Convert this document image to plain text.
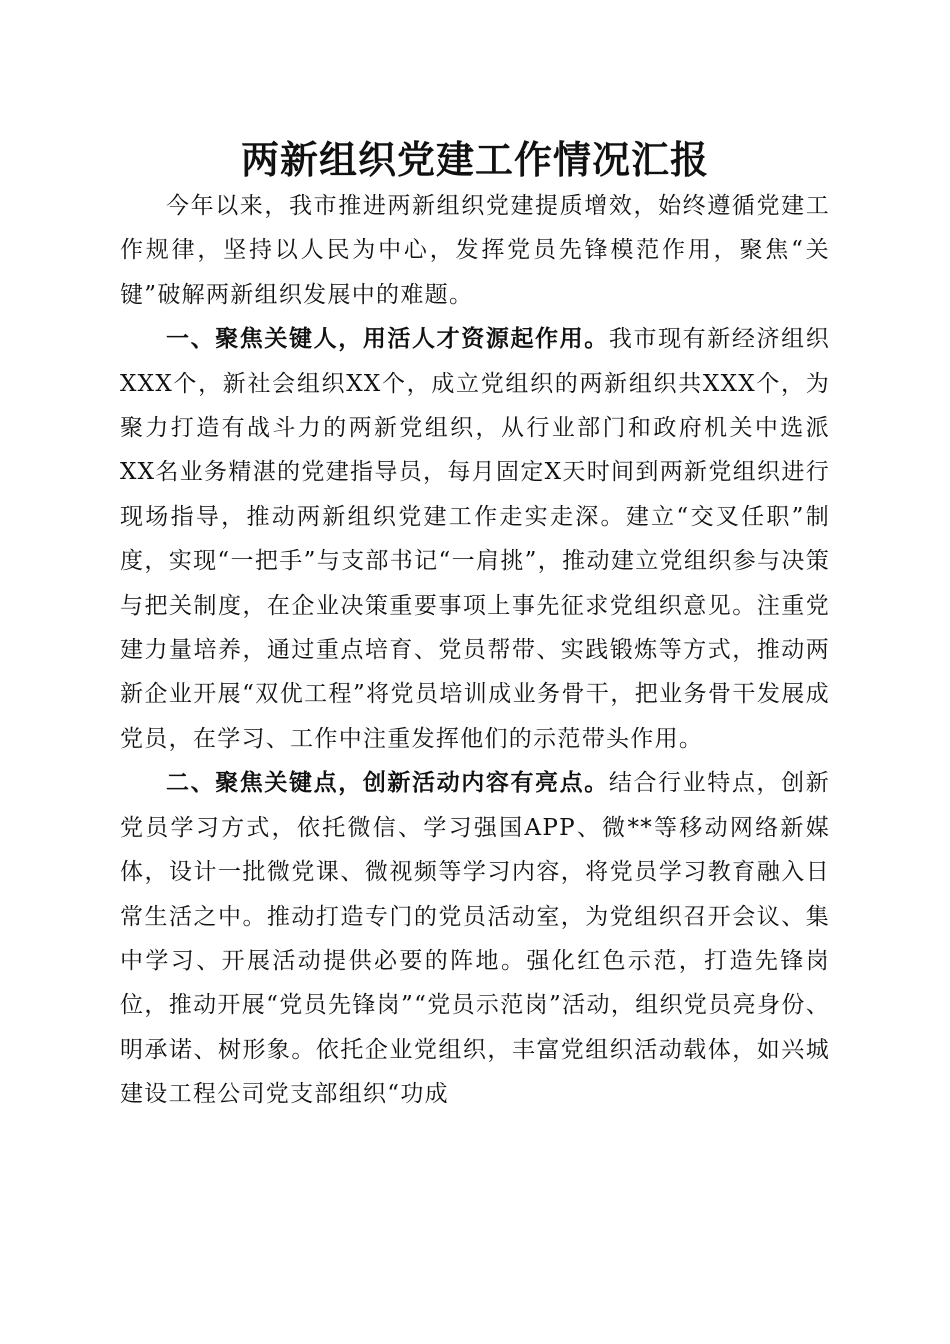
两新组织党建工作情况汇报

今年以来，我市推进两新组织党建提质增效，始终遵循党建工作规律，坚持以人民为中心，发挥党员先锋模范作用，聚焦“关键”破解两新组织发展中的难题。

一、聚焦关键人，用活人才资源起作用。我市现有新经济组织XXX个，新社会组织XX个，成立党组织的两新组织共XXX个，为聚力打造有战斗力的两新党组织，从行业部门和政府机关中选派XX名业务精湛的党建指导员，每月固定X天时间到两新党组织进行现场指导，推动两新组织党建工作走实走深。建立“交叉任职”制度，实现“一把手”与支部书记“一肩挑”，推动建立党组织参与决策与把关制度，在企业决策重要事项上事先征求党组织意见。注重党建力量培养，通过重点培育、党员帮带、实践锻炼等方式，推动两新企业开展“双优工程”将党员培训成业务骨干，把业务骨干发展成党员，在学习、工作中注重发挥他们的示范带头作用。

二、聚焦关键点，创新活动内容有亮点。结合行业特点，创新党员学习方式，依托微信、学习强国APP、微**等移动网络新媒体，设计一批微党课、微视频等学习内容，将党员学习教育融入日常生活之中。推动打造专门的党员活动室，为党组织召开会议、集中学习、开展活动提供必要的阵地。强化红色示范，打造先锋岗位，推动开展“党员先锋岗”“党员示范岗”活动，组织党员亮身份、明承诺、树形象。依托企业党组织，丰富党组织活动载体，如兴城建设工程公司党支部组织“功成
